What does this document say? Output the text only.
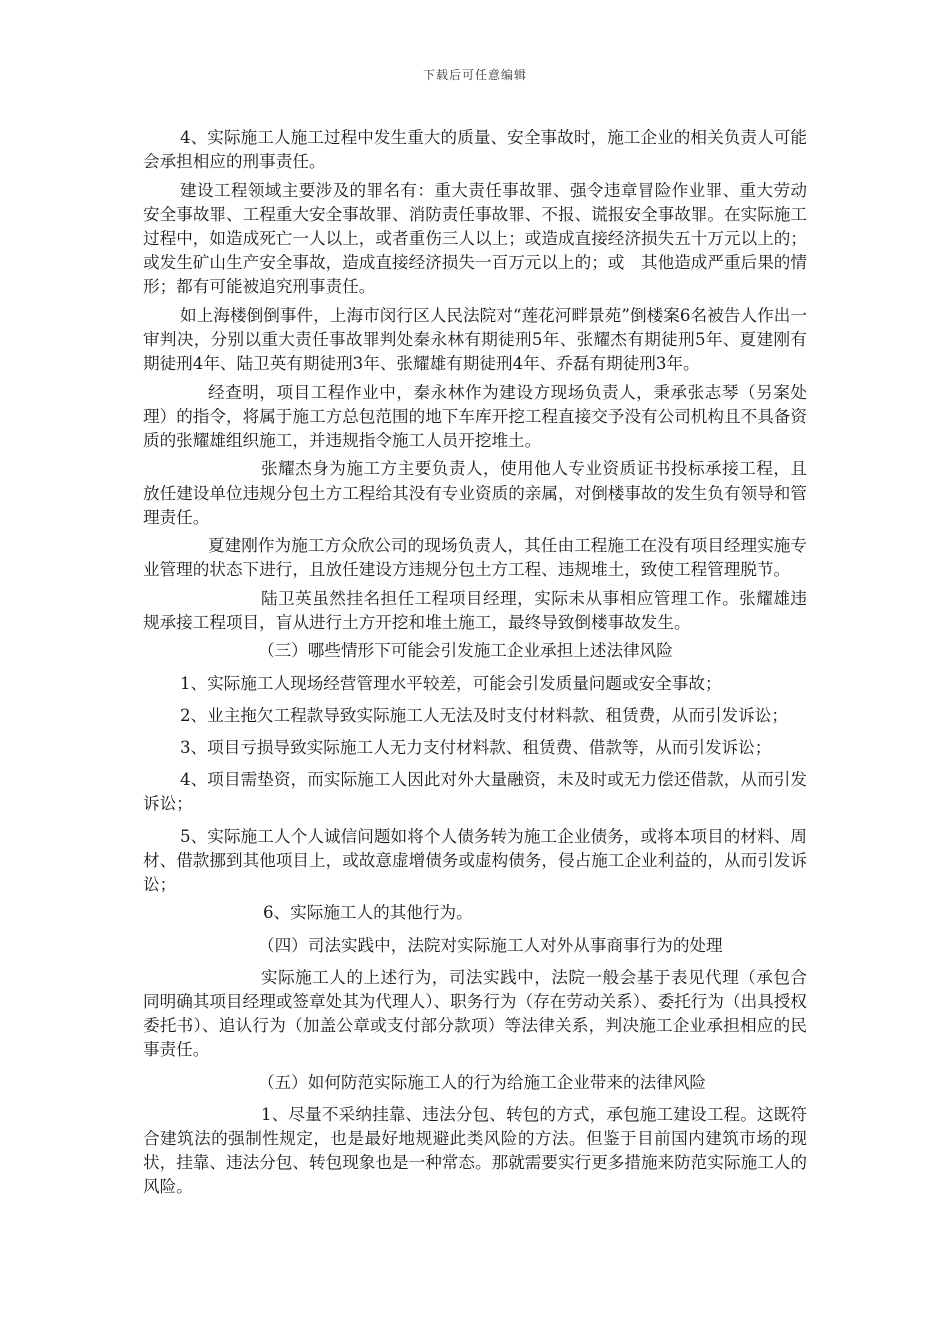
下载后可任意编辑

4、实际施工人施工过程中发生重大的质量、安全事故时，施工企业的相关负责人可能会承担相应的刑事责任。

建设工程领域主要涉及的罪名有：重大责任事故罪、强令违章冒险作业罪、重大劳动安全事故罪、工程重大安全事故罪、消防责任事故罪、不报、谎报安全事故罪。在实际施工过程中，如造成死亡一人以上，或者重伤三人以上；或造成直接经济损失五十万元以上的；或发生矿山生产安全事故，造成直接经济损失一百万元以上的；或　其他造成严重后果的情形；都有可能被追究刑事责任。

如上海楼倒倒事件，上海市闵行区人民法院对“莲花河畔景苑”倒楼案6名被告人作出一审判决，分别以重大责任事故罪判处秦永林有期徒刑5年、张耀杰有期徒刑5年、夏建刚有期徒刑4年、陆卫英有期徒刑3年、张耀雄有期徒刑4年、乔磊有期徒刑3年。

经查明，项目工程作业中，秦永林作为建设方现场负责人，秉承张志琴（另案处理）的指令，将属于施工方总包范围的地下车库开挖工程直接交予没有公司机构且不具备资质的张耀雄组织施工，并违规指令施工人员开挖堆土。

张耀杰身为施工方主要负责人，使用他人专业资质证书投标承接工程，且放任建设单位违规分包土方工程给其没有专业资质的亲属，对倒楼事故的发生负有领导和管理责任。

夏建刚作为施工方众欣公司的现场负责人，其任由工程施工在没有项目经理实施专业管理的状态下进行，且放任建设方违规分包土方工程、违规堆土，致使工程管理脱节。

陆卫英虽然挂名担任工程项目经理，实际未从事相应管理工作。张耀雄违规承接工程项目，盲从进行土方开挖和堆土施工，最终导致倒楼事故发生。

（三）哪些情形下可能会引发施工企业承担上述法律风险

1、实际施工人现场经营管理水平较差，可能会引发质量问题或安全事故；

2、业主拖欠工程款导致实际施工人无法及时支付材料款、租赁费，从而引发诉讼；

3、项目亏损导致实际施工人无力支付材料款、租赁费、借款等，从而引发诉讼；

4、项目需垫资，而实际施工人因此对外大量融资，未及时或无力偿还借款，从而引发诉讼；

5、实际施工人个人诚信问题如将个人债务转为施工企业债务，或将本项目的材料、周材、借款挪到其他项目上，或故意虚增债务或虚构债务，侵占施工企业利益的，从而引发诉讼；

6、实际施工人的其他行为。

（四）司法实践中，法院对实际施工人对外从事商事行为的处理

实际施工人的上述行为，司法实践中，法院一般会基于表见代理（承包合同明确其项目经理或签章处其为代理人）、职务行为（存在劳动关系）、委托行为（出具授权委托书）、追认行为（加盖公章或支付部分款项）等法律关系，判决施工企业承担相应的民事责任。

（五）如何防范实际施工人的行为给施工企业带来的法律风险

1、尽量不采纳挂靠、违法分包、转包的方式，承包施工建设工程。这既符合建筑法的强制性规定，也是最好地规避此类风险的方法。但鉴于目前国内建筑市场的现状，挂靠、违法分包、转包现象也是一种常态。那就需要实行更多措施来防范实际施工人的风险。
